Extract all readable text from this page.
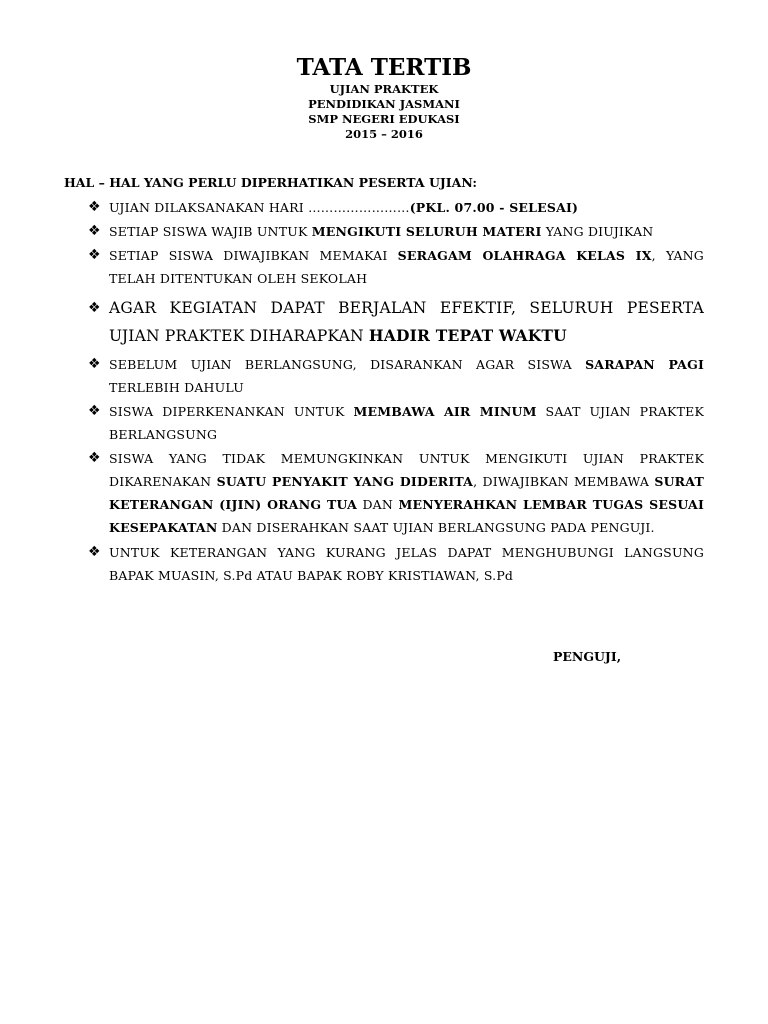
TATA TERTIB
UJIAN PRAKTEK
PENDIDIKAN JASMANI
SMP NEGERI EDUKASI
2015 – 2016
HAL – HAL YANG PERLU DIPERHATIKAN PESERTA UJIAN:
❖ UJIAN DILAKSANAKAN HARI ……………………(PKL. 07.00 - SELESAI)
❖ SETIAP SISWA WAJIB UNTUK MENGIKUTI SELURUH MATERI YANG DIUJIKAN
❖ SETIAP SISWA DIWAJIBKAN MEMAKAI SERAGAM OLAHRAGA KELAS IX, YANG TELAH DITENTUKAN OLEH SEKOLAH
❖ AGAR KEGIATAN DAPAT BERJALAN EFEKTIF, SELURUH PESERTA UJIAN PRAKTEK DIHARAPKAN HADIR TEPAT WAKTU
❖ SEBELUM UJIAN BERLANGSUNG, DISARANKAN AGAR SISWA SARAPAN PAGI TERLEBIH DAHULU
❖ SISWA DIPERKENANKAN UNTUK MEMBAWA AIR MINUM SAAT UJIAN PRAKTEK BERLANGSUNG
❖ SISWA YANG TIDAK MEMUNGKINKAN UNTUK MENGIKUTI UJIAN PRAKTEK DIKARENAKAN SUATU PENYAKIT YANG DIDERITA, DIWAJIBKAN MEMBAWA SURAT KETERANGAN (IJIN) ORANG TUA DAN MENYERAHKAN LEMBAR TUGAS SESUAI KESEPAKATAN DAN DISERAHKAN SAAT UJIAN BERLANGSUNG PADA PENGUJI.
❖ UNTUK KETERANGAN YANG KURANG JELAS DAPAT MENGHUBUNGI LANGSUNG BAPAK MUASIN, S.Pd ATAU BAPAK ROBY KRISTIAWAN, S.Pd
PENGUJI,
